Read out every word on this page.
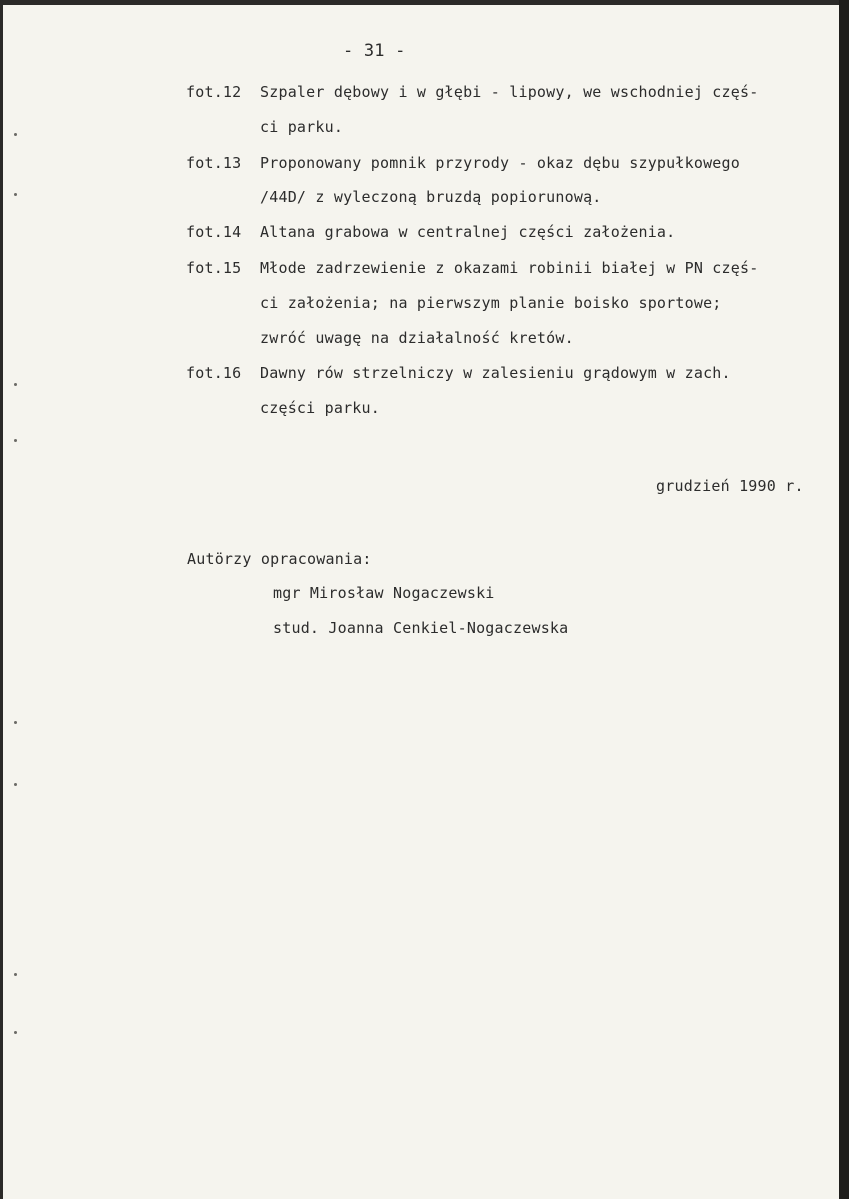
- 31 -
fot.12 Szpaler dębowy i w głębi - lipowy, we wschodniej częś-
ci parku.
fot.13 Proponowany pomnik przyrody - okaz dębu szypułkowego
/44D/ z wyleczoną bruzdą popiorunową.
fot.14 Altana grabowa w centralnej części założenia.
fot.15 Młode zadrzewienie z okazami robinii białej w PN częś-
ci założenia; na pierwszym planie boisko sportowe;
zwróć uwagę na działalność kretów.
fot.16 Dawny rów strzelniczy w zalesieniu grądowym w zach.
części parku.
grudzień 1990 r.
Autörzy opracowania:
mgr Mirosław Nogaczewski
stud. Joanna Cenkiel-Nogaczewska
